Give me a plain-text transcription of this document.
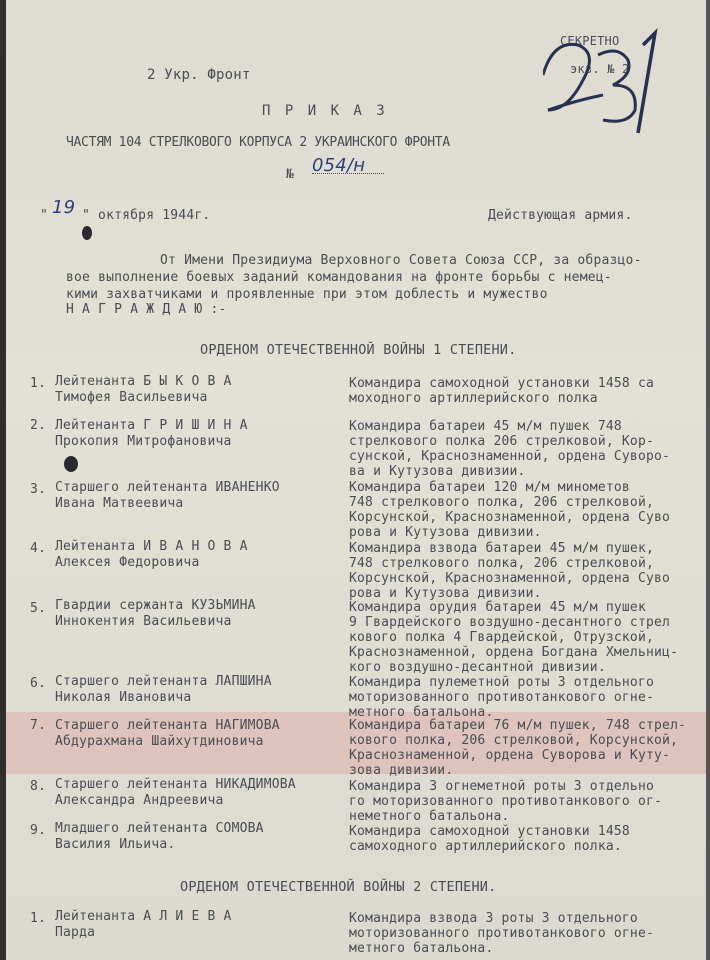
2 Укр. Фронт
СЕКРЕТНО
экз. № 2
П Р И К А З
ЧАСТЯМ 104 СТРЕЛКОВОГО КОРПУСА 2 УКРАИНСКОГО ФРОНТА
№ 054/н
" 19 " октября 1944г.	Действующая армия.
От Имени Президиума Верховного Совета Союза ССР, за образцо-
вое выполнение боевых заданий командования на фронте борьбы с немец-
кими захватчиками и проявленные при этом доблесть и мужество
Н А Г Р А Ж Д А Ю :-
ОРДЕНОМ ОТЕЧЕСТВЕННОЙ ВОЙНЫ 1 СТЕПЕНИ.
1. Лейтенанта Б Ы К О В А
Тимофея Васильевича
Командира самоходной установки 1458 са
моходного артиллерийского полка
2. Лейтенанта Г Р И Ш И Н А
Прокопия Митрофановича
Командира батареи 45 м/м пушек 748
стрелкового полка 206 стрелковой, Кор-
сунской, Краснознаменной, ордена Суворо-
ва и Кутузова дивизии.
3. Старшего лейтенанта ИВАНЕНКО
Ивана Матвеевича
Командира батареи 120 м/м минометов
748 стрелкового полка, 206 стрелковой,
Корсунской, Краснознаменной, ордена Суво
рова и Кутузова дивизии.
4. Лейтенанта И В А Н О В А
Алексея Федоровича
Командира взвода батареи 45 м/м пушек,
748 стрелкового полка, 206 стрелковой,
Корсунской, Краснознаменной, ордена Суво
рова и Кутузова дивизии.
5. Гвардии сержанта КУЗЬМИНА
Иннокентия Васильевича
Командира орудия батареи 45 м/м пушек
9 Гвардейского воздушно-десантного стрел
кового полка 4 Гвардейской, Отрузской,
Краснознаменной, ордена Богдана Хмельниц-
кого воздушно-десантной дивизии.
6. Старшего лейтенанта ЛАПШИНА
Николая Ивановича
Командира пулеметной роты 3 отдельного
моторизованного противотанкового огне-
метного батальона.
7. Старшего лейтенанта НАГИМОВА
Абдурахмана Шайхутдиновича
Командира батареи 76 м/м пушек, 748 стрел-
кового полка, 206 стрелковой, Корсунской,
Краснознаменной, ордена Суворова и Куту-
зова дивизии.
8. Старшего лейтенанта НИКАДИМОВА
Александра Андреевича
Командира 3 огнеметной роты 3 отдельно
го моторизованного противотанкового ог-
неметного батальона.
9. Младшего лейтенанта СОМОВА
Василия Ильича.
Командира самоходной установки 1458
самоходного артиллерийского полка.
ОРДЕНОМ ОТЕЧЕСТВЕННОЙ ВОЙНЫ 2 СТЕПЕНИ.
1. Лейтенанта А Л И Е В А
Парда
Командира взвода 3 роты 3 отдельного
моторизованного противотанкового огне-
метного батальона.
